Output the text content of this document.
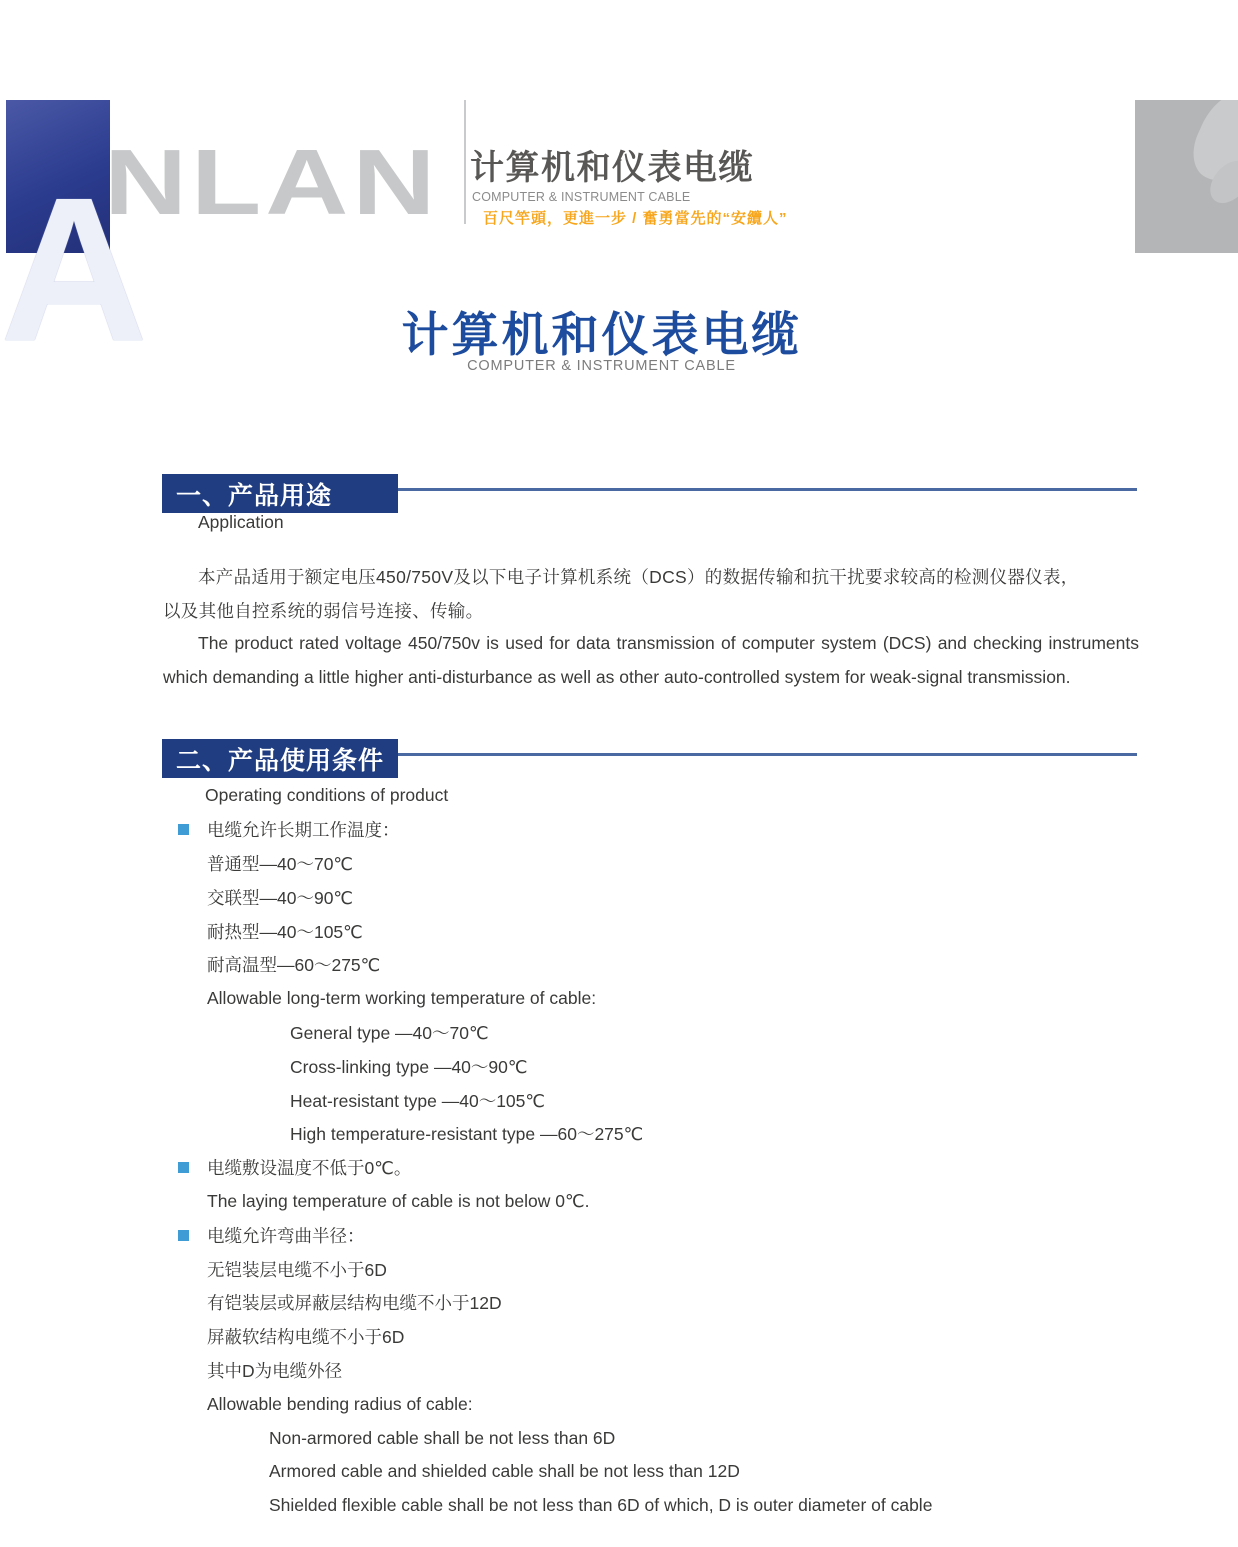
A
NLAN 计算机和仪表电缆
COMPUTER & INSTRUMENT CABLE
百尺竿頭，更進一步 / 奮勇當先的“安纜人”
计算机和仪表电缆
COMPUTER & INSTRUMENT CABLE
一、产品用途
Application
本产品适用于额定电压450/750V及以下电子计算机系统（DCS）的数据传输和抗干扰要求较高的检测仪器仪表，
以及其他自控系统的弱信号连接、传输。
The product rated voltage 450/750v is used for data transmission of computer system (DCS) and checking instruments which demanding a little higher anti-disturbance as well as other auto-controlled system for weak-signal transmission.
二、产品使用条件
Operating conditions of product
电缆允许长期工作温度：
普通型—40～70℃
交联型—40～90℃
耐热型—40～105℃
耐高温型—60～275℃
Allowable long-term working temperature of cable:
General type —40～70℃
Cross-linking type —40～90℃
Heat-resistant type —40～105℃
High temperature-resistant type —60～275℃
电缆敷设温度不低于0℃。
The laying temperature of cable is not below 0℃.
电缆允许弯曲半径：
无铠装层电缆不小于6D
有铠装层或屏蔽层结构电缆不小于12D
屏蔽软结构电缆不小于6D
其中D为电缆外径
Allowable bending radius of cable:
Non-armored cable shall be not less than 6D
Armored cable and shielded cable shall be not less than 12D
Shielded flexible cable shall be not less than 6D of which, D is outer diameter of cable
